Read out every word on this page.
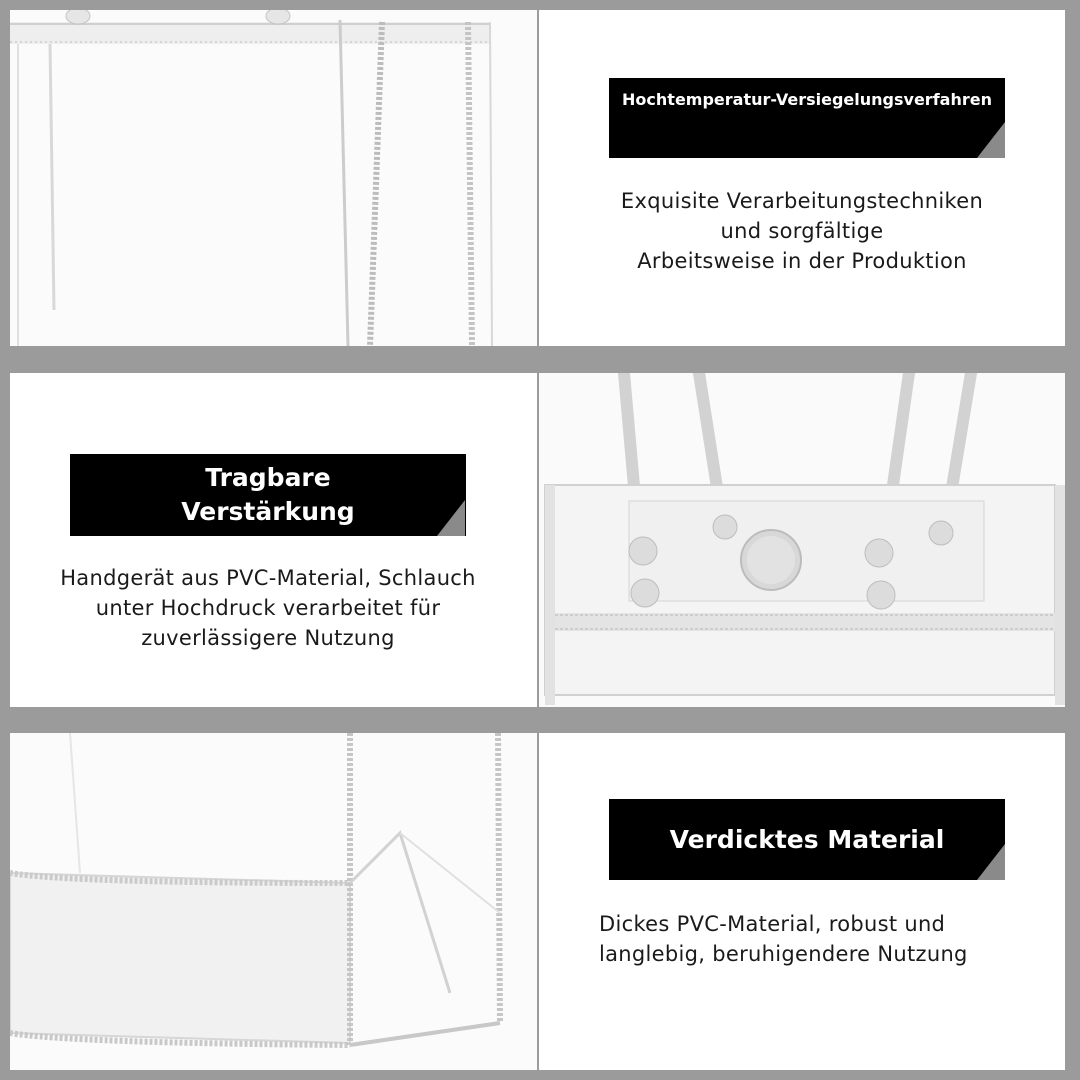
Hochtemperatur-Versiegelungsverfahren
Exquisite Verarbeitungstechniken
und sorgfältige
Arbeitsweise in der Produktion
Tragbare
Verstärkung
Handgerät aus PVC-Material, Schlauch
unter Hochdruck verarbeitet für
zuverlässigere Nutzung
Verdicktes Material
Dickes PVC-Material, robust und
langlebig, beruhigendere Nutzung
